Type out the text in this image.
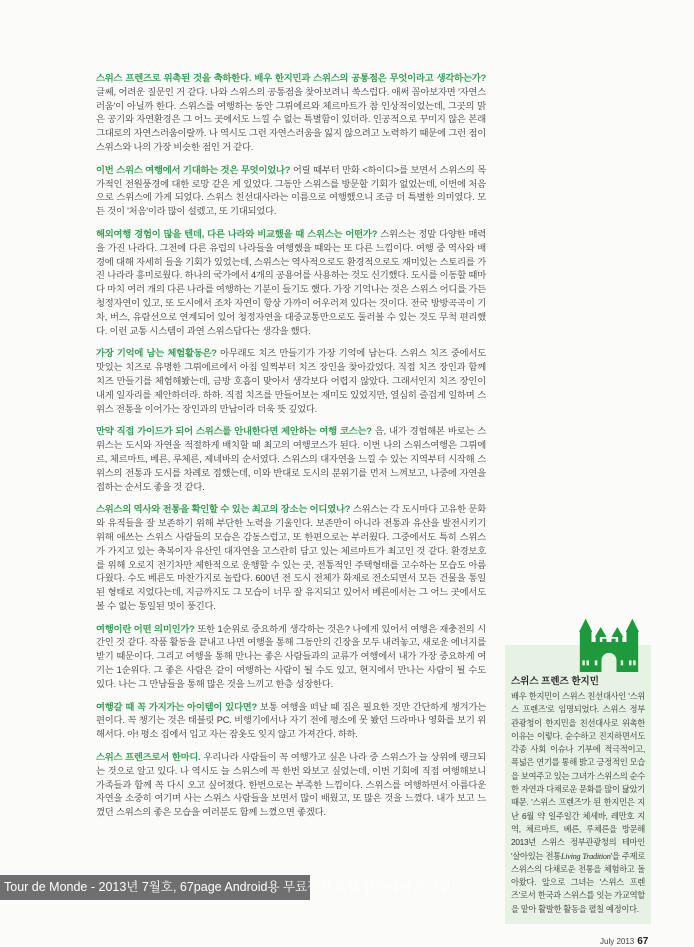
스위스 프렌즈로 위촉된 것을 축하한다. 배우 한지민과 스위스의 공통점은 무엇이라고 생각하는가? 글쎄, 어려운 질문인 거 같다. 나와 스위스의 공통점을 찾아보려니 쑥스럽다. 애써 꼽아보자면 '자연스러움'이 아닐까 한다. 스위스를 여행하는 동안 그뤼에르와 체르마트가 참 인상적이었는데, 그곳의 맑은 공기와 자연환경은 그 어느 곳에서도 느낄 수 없는 특별함이 있더라. 인공적으로 꾸미지 않은 본래 그대로의 자연스러움이랄까. 나 역시도 그런 자연스러움을 잃지 않으려고 노력하기 때문에 그런 점이 스위스와 나의 가장 비슷한 점인 거 같다.

이번 스위스 여행에서 기대하는 것은 무엇이었나? 어릴 때부터 만화 <하이디>를 보면서 스위스의 목가적인 전원풍경에 대한 로망 같은 게 있었다. 그동안 스위스를 방문할 기회가 없었는데, 이번에 처음으로 스위스에 가게 되었다. 스위스 친선대사라는 이름으로 여행했으니 조금 더 특별한 의미였다. 모든 것이 '처음'이라 많이 설렜고, 또 기대되었다.

해외여행 경험이 많을 텐데, 다른 나라와 비교했을 때 스위스는 어떤가? 스위스는 정말 다양한 매력을 가진 나라다. 그전에 다른 유럽의 나라들을 여행했을 때와는 또 다른 느낌이다. 여행 중 역사와 배경에 대해 자세히 들을 기회가 있었는데, 스위스는 역사적으로도 환경적으로도 재미있는 스토리를 가진 나라라 흥미로웠다. 하나의 국가에서 4개의 공용어를 사용하는 것도 신기했다. 도시를 이동할 때마다 마치 여러 개의 다른 나라를 여행하는 기분이 들기도 했다. 가장 기억나는 것은 스위스 어디를 가든 청정자연이 있고, 또 도시에서 조차 자연이 항상 가까이 어우러져 있다는 것이다. 전국 방방곡곡이 기차, 버스, 유람선으로 연계되어 있어 청정자연을 대중교통만으로도 둘러볼 수 있는 것도 무척 편리했다. 이런 교통 시스템이 과연 스위스답다는 생각을 했다.

가장 기억에 남는 체험활동은? 아무래도 치즈 만들기가 가장 기억에 남는다. 스위스 치즈 중에서도 맛있는 치즈로 유명한 그뤼에르에서 아침 일찍부터 치즈 장인을 찾아갔었다. 직접 치즈 장인과 함께 치즈 만들기를 체험해봤는데, 금방 호흡이 맞아서 생각보다 어렵지 않았다. 그래서인지 치즈 장인이 내게 일자리를 제안하더라. 하하. 직접 치즈를 만들어보는 재미도 있었지만, 열심히 즐겁게 일하며 스위스 전통을 이어가는 장인과의 만남이라 더욱 뜻 깊었다.

만약 직접 가이드가 되어 스위스를 안내한다면 제안하는 여행 코스는? 음, 내가 경험해본 바로는 스위스는 도시와 자연을 적절하게 배치할 때 최고의 여행코스가 된다. 이번 나의 스위스여행은 그뤼에르, 체르마트, 베른, 루체른, 제네바의 순서였다. 스위스의 대자연을 느낄 수 있는 지역부터 시작해 스위스의 전통과 도시를 차례로 접했는데, 이와 반대로 도시의 분위기를 먼저 느껴보고, 나중에 자연을 접하는 순서도 좋을 것 같다.

스위스의 역사와 전통을 확인할 수 있는 최고의 장소는 어디였나? 스위스는 각 도시마다 고유한 문화와 유적들을 잘 보존하기 위해 부단한 노력을 기울인다. 보존만이 아니라 전통과 유산을 발전시키기 위해 애쓰는 스위스 사람들의 모습은 감동스럽고, 또 한편으로는 부러웠다. 그중에서도 특히 스위스가 가지고 있는 축복이자 유산인 대자연을 고스란히 담고 있는 체르마트가 최고인 것 같다. 환경보호를 위해 오로지 전기차만 제한적으로 운행할 수 있는 곳, 전통적인 주택형태를 고수하는 모습도 아름다웠다. 수도 베른도 마찬가지로 놀랍다. 600년 전 도시 전체가 화재로 전소되면서 모든 건물을 통일된 형태로 지었다는데, 지금까지도 그 모습이 너무 잘 유지되고 있어서 베른에서는 그 어느 곳에서도 볼 수 없는 통일된 멋이 풍긴다.

여행이란 어떤 의미인가? 또한 1순위로 중요하게 생각하는 것은? 나에게 있어서 여행은 재충전의 시간인 것 같다. 작품 활동을 끝내고 나면 여행을 통해 그동안의 긴장을 모두 내려놓고, 새로운 에너지를 받기 때문이다. 그리고 여행을 통해 만나는 좋은 사람들과의 교류가 여행에서 내가 가장 중요하게 여기는 1순위다. 그 좋은 사람은 같이 여행하는 사람이 될 수도 있고, 현지에서 만나는 사람이 될 수도 있다. 나는 그 만남들을 통해 많은 것을 느끼고 한층 성장한다.

여행갈 때 꼭 가지가는 아이템이 있다면? 보통 여행을 떠날 때 짐은 필요한 것만 간단하게 챙겨가는 편이다. 꼭 챙기는 것은 태블릿 PC. 비행기에서나 자기 전에 평소에 못 봤던 드라마나 영화를 보기 위해서다. 아! 평소 집에서 입고 자는 잠옷도 잊지 않고 가져간다. 하하.

스위스 프렌즈로서 한마디. 우리나라 사람들이 꼭 여행가고 싶은 나라 중 스위스가 늘 상위에 랭크되는 것으로 알고 있다. 나 역시도 늘 스위스에 꼭 한번 와보고 싶었는데, 이번 기회에 직접 여행해보니 가족들과 함께 꼭 다시 오고 싶어졌다. 한번으로는 부족한 느낌이다. 스위스를 여행하면서 아름다운 자연을 소중히 여기며 사는 스위스 사람들을 보면서 많이 배웠고, 또 많은 것을 느꼈다. 내가 보고 느꼈던 스위스의 좋은 모습을 여러분도 함께 느꼈으면 좋겠다.

스위스 프렌즈 한지민
배우 한지민이 스위스 친선대사인 '스위스 프렌즈'로 임명되었다. 스위스 정부관광청이 한지민을 친선대사로 위촉한 이유는 이렇다. 순수하고 진지하면서도 각종 사회 이슈나 기부에 적극적이고, 폭넓은 연기를 통해 밝고 긍정적인 모습을 보여주고 있는 그녀가 스위스의 순수한 자연과 다채로운 문화를 많이 닮았기 때문. '스위스 프렌즈'가 된 한지민은 지난 6월 약 일주일간 체세바, 레만호 지역, 체르마트, 베른, 루체른을 방문해 2013년 스위스 정부관광청의 테마인 '살아있는 전통Living Tradition'을 주제로 스위스의 다채로운 전통을 체험하고 돌아왔다. 앞으로 그녀는 '스위스 프렌즈'로서 한국과 스위스를 잇는 가교역할을 맡아 활발한 활동을 펼칠 예정이다.
July 2013 67
Tour de Monde - 2013년 7월호, 67page Android용 무료잡지 포털 탭진에서 스크랩
